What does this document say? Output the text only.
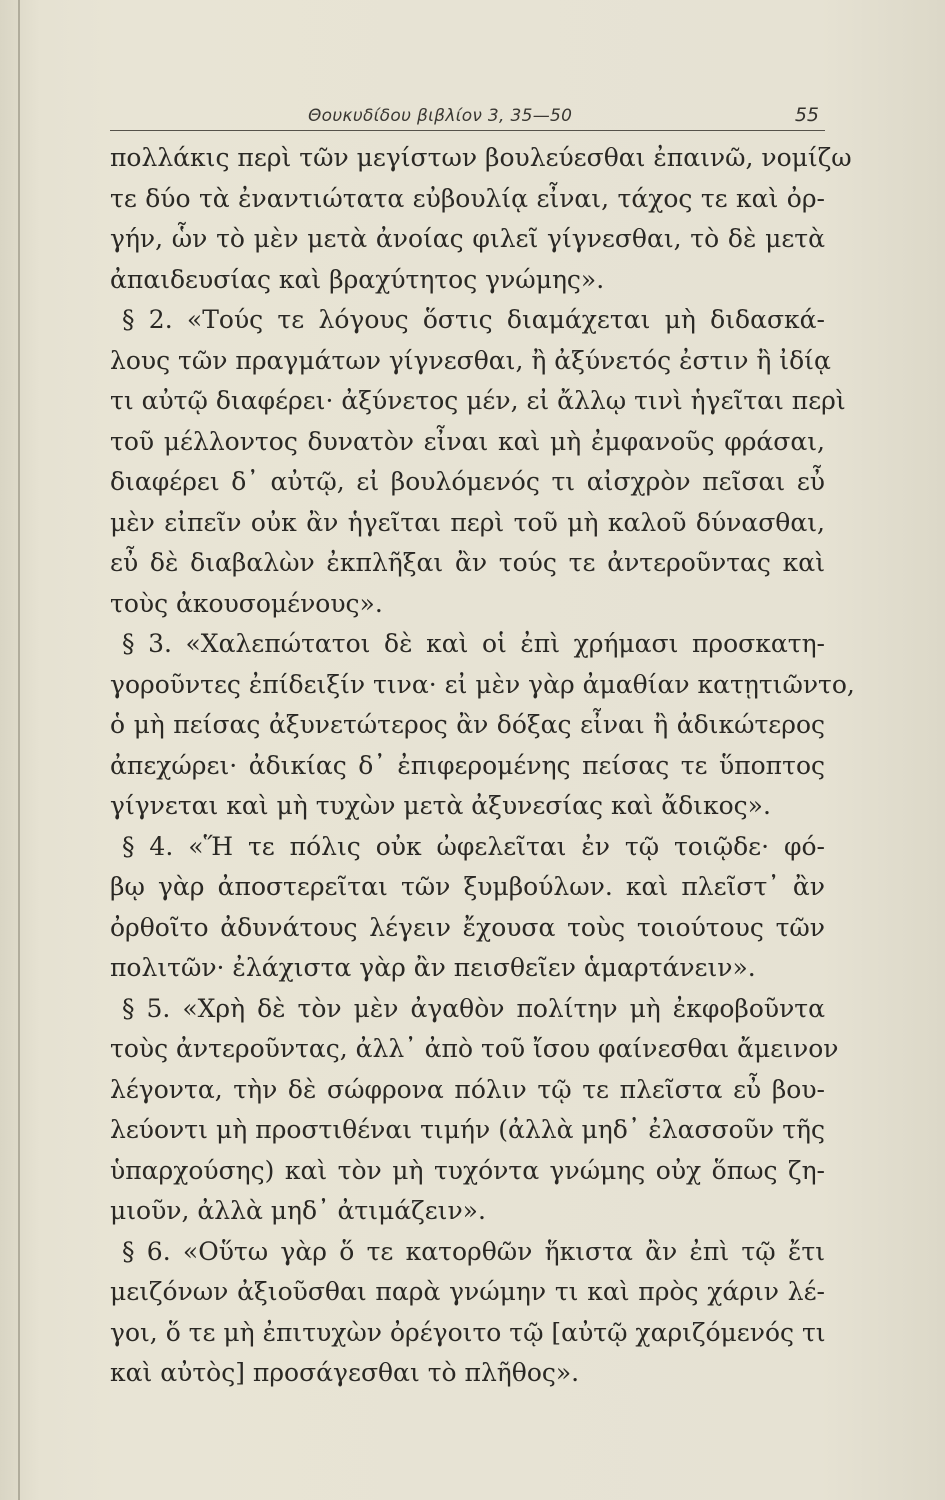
Θουκυδίδου βιβλίον 3, 35—50	55
πολλάκις περὶ τῶν μεγίστων βουλεύεσθαι ἐπαινῶ, νομίζω
τε δύο τὰ ἐναντιώτατα εὐβουλίᾳ εἶναι, τάχος τε καὶ ὀρ-
γήν, ὧν τὸ μὲν μετὰ ἀνοίας φιλεῖ γίγνεσθαι, τὸ δὲ μετὰ
ἀπαιδευσίας καὶ βραχύτητος γνώμης».
§ 2. «Τούς τε λόγους ὅστις διαμάχεται μὴ διδασκά-
λους τῶν πραγμάτων γίγνεσθαι, ἢ ἀξύνετός ἐστιν ἢ ἰδίᾳ
τι αὐτῷ διαφέρει· ἀξύνετος μέν, εἰ ἄλλῳ τινὶ ἡγεῖται περὶ
τοῦ μέλλοντος δυνατὸν εἶναι καὶ μὴ ἐμφανοῦς φράσαι,
διαφέρει δ᾿ αὐτῷ, εἰ βουλόμενός τι αἰσχρὸν πεῖσαι εὖ
μὲν εἰπεῖν οὐκ ἂν ἡγεῖται περὶ τοῦ μὴ καλοῦ δύνασθαι,
εὖ δὲ διαβαλὼν ἐκπλῆξαι ἂν τούς τε ἀντεροῦντας καὶ
τοὺς ἀκουσομένους».
§ 3. «Χαλεπώτατοι δὲ καὶ οἱ ἐπὶ χρήμασι προσκατη-
γοροῦντες ἐπίδειξίν τινα· εἰ μὲν γὰρ ἀμαθίαν κατῃτιῶντο,
ὁ μὴ πείσας ἀξυνετώτερος ἂν δόξας εἶναι ἢ ἀδικώτερος
ἀπεχώρει· ἀδικίας δ᾿ ἐπιφερομένης πείσας τε ὕποπτος
γίγνεται καὶ μὴ τυχὼν μετὰ ἀξυνεσίας καὶ ἄδικος».
§ 4. «Ἥ τε πόλις οὐκ ὠφελεῖται ἐν τῷ τοιῷδε· φό-
βῳ γὰρ ἀποστερεῖται τῶν ξυμβούλων. καὶ πλεῖστ᾿ ἂν
ὀρθοῖτο ἀδυνάτους λέγειν ἔχουσα τοὺς τοιούτους τῶν
πολιτῶν· ἐλάχιστα γὰρ ἂν πεισθεῖεν ἁμαρτάνειν».
§ 5. «Χρὴ δὲ τὸν μὲν ἀγαθὸν πολίτην μὴ ἐκφοβοῦντα
τοὺς ἀντεροῦντας, ἀλλ᾿ ἀπὸ τοῦ ἴσου φαίνεσθαι ἄμεινον
λέγοντα, τὴν δὲ σώφρονα πόλιν τῷ τε πλεῖστα εὖ βου-
λεύοντι μὴ προστιθέναι τιμήν (ἀλλὰ μηδ᾿ ἐλασσοῦν τῆς
ὑπαρχούσης) καὶ τὸν μὴ τυχόντα γνώμης οὐχ ὅπως ζη-
μιοῦν, ἀλλὰ μηδ᾿ ἀτιμάζειν».
§ 6. «Οὕτω γὰρ ὅ τε κατορθῶν ἥκιστα ἂν ἐπὶ τῷ ἔτι
μειζόνων ἀξιοῦσθαι παρὰ γνώμην τι καὶ πρὸς χάριν λέ-
γοι, ὅ τε μὴ ἐπιτυχὼν ὀρέγοιτο τῷ [αὐτῷ χαριζόμενός τι
καὶ αὐτὸς] προσάγεσθαι τὸ πλῆθος».
